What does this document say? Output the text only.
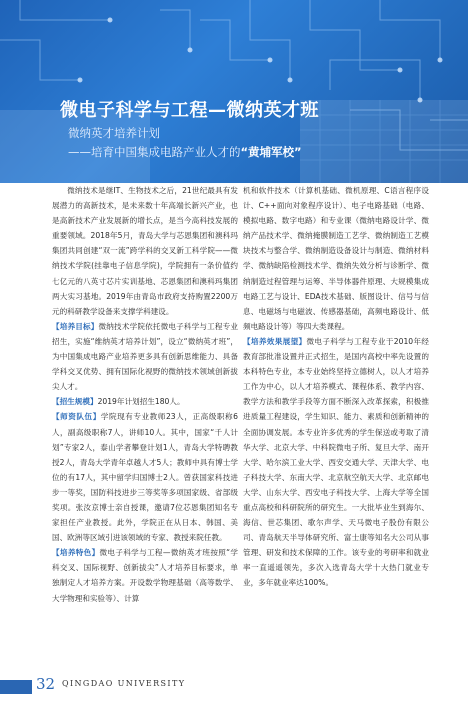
微电子科学与工程—微纳英才班
微纳英才培养计划
——培育中国集成电路产业人才的“黄埔军校”

微纳技术是继IT、生物技术之后，21世纪最具有发展潜力的高新技术，是未来数十年高端长新兴产业，也是高新技术产业发展新的增长点，是当今高科技发展的重要领域。2018年5月，青岛大学与芯恩集团和澳科玛集团共同创建“双一流”跨学科的交叉新工科学院——微纳技术学院(挂靠电子信息学院)，学院拥有一条价值约七亿元的八英寸芯片实训基地、芯恩集团和澳科玛集团两大实习基地。2019年由青岛市政府支持购置2200万元的科研教学设备来支撑学科建设。

【培养目标】微纳技术学院依托微电子科学与工程专业招生，实施“维纳英才培养计划”，设立“微纳英才班”，为中国集成电路产业培养更多具有创新思维能力、具备学科交叉优势、拥有国际化视野的微纳技术领域创新拔尖人才。

【招生规模】2019年计划招生180人。

【师资队伍】学院现有专业教师23人，正高级职称6人，副高级职称7人，讲师10人。其中，国家“千人计划”专家2人，泰山学者攀登计划1人，青岛大学特聘教授2人，青岛大学青年卓越人才5人；教师中具有博士学位的有17人，其中留学归国博士2人。曾获国家科技进步一等奖，国防科技进步三等奖等多项国家级、省部级奖项。张汝京博士亲自授课，邀请7位芯恩集团知名专家担任产业教授。此外，学院正在从日本、韩国、美国、欧洲等区域引进该领域的专家、教授来院任教。

【培养特色】微电子科学与工程—微纳英才班按照“学科交叉、国际视野、创新拔尖”人才培养目标要求，单独制定人才培养方案。开设数学物理基础（高等数学、大学物理和实验等）、计算

机和软件技术（计算机基础、微机原理、C语言程序设计、C++面向对象程序设计）、电子电路基础（电路、模拟电路、数字电路）和专业课（微纳电路设计学、微纳产品技术学、微纳掩膜制造工艺学、微纳制造工艺模块技术与整合学、微纳制造设备设计与制造、微纳材料学、微纳缺陷检测技术学、微纳失效分析与诊断学、微纳制造过程管理与运筹、半导体器件原理、大规模集成电路工艺与设计、EDA技术基础、版图设计、信号与信息、电磁场与电磁波、传感器基础，高频电路设计、低频电路设计等）等四大类课程。

【培养效果展望】微电子科学与工程专业于2010年经教育部批准设置并正式招生，是国内高校中率先设置的本科特色专业，本专业始终坚持立德树人，以人才培养工作为中心，以人才培养模式、课程体系、教学内容、教学方法和教学手段等方面不断深入改革探索，积极推进质量工程建设，学生知识、能力、素质和创新精神的全面协调发展。本专业许多优秀的学生保送或考取了清华大学、北京大学、中科院微电子所、复旦大学、南开大学、哈尔滨工业大学、西安交通大学、天津大学、电子科技大学、东南大学、北京航空航天大学、北京邮电大学、山东大学、西安电子科技大学、上海大学等全国重点高校和科研院所的研究生。一大批毕业生到海尔、海信、世芯集团、歌尔声学、天马微电子股份有限公司、青岛航天半导体研究所、富士康等知名大公司从事管理、研发和技术保障的工作。该专业的考研率和就业率一直遥遥领先，多次入选青岛大学十大热门就业专业，多年就业率达100%。

32 QINGDAO UNIVERSITY
